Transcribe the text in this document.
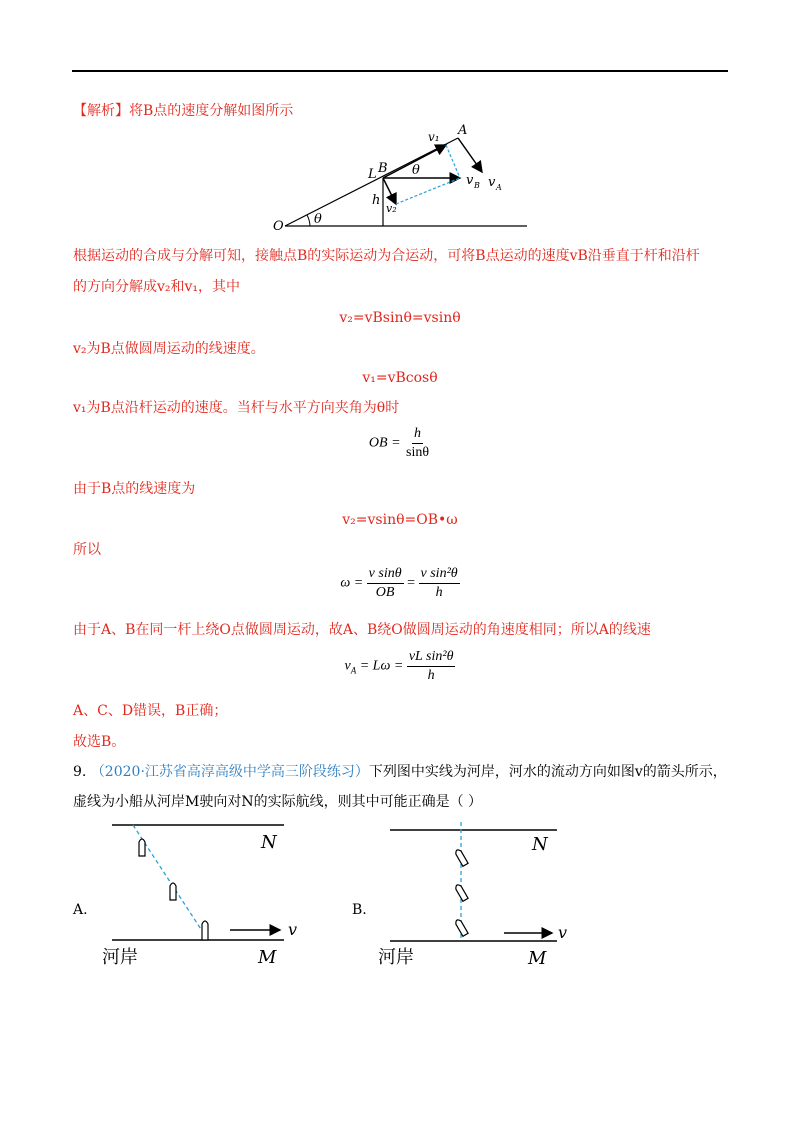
【解析】将B点的速度分解如图所示
v₁ A
L B θ
v B v A
h
v₂
O θ
根据运动的合成与分解可知，接触点B的实际运动为合运动，可将B点运动的速度vB沿垂直于杆和沿杆
的方向分解成v₂和v₁，其中
v₂=vBsinθ=vsinθ
v₂为B点做圆周运动的线速度。
v₁=vBcosθ
v₁为B点沿杆运动的速度。当杆与水平方向夹角为θ时
OB = $\frac{h}{\sin\theta}$
由于B点的线速度为
v₂=vsinθ=OB•ω
所以
$\omega = \frac{\text{v sinθ}}{OB} = \frac{\text{v sin²θ}}{h}$
由于A、B在同一杆上绕O点做圆周运动，故A、B绕O做圆周运动的角速度相同；所以A的线速
$v_A = L\omega = \frac{\text{vL sin²θ}}{h}$
A、C、D错误，B正确；
故选B。
9. （2020·江苏省高淳高级中学高三阶段练习）下列图中实线为河岸，河水的流动方向如图v的箭头所示，
虚线为小船从河岸M驶向对N的实际航线，则其中可能正确是（ ）
A.
v
N
M
河岸
B.
v
N
M
河岸
